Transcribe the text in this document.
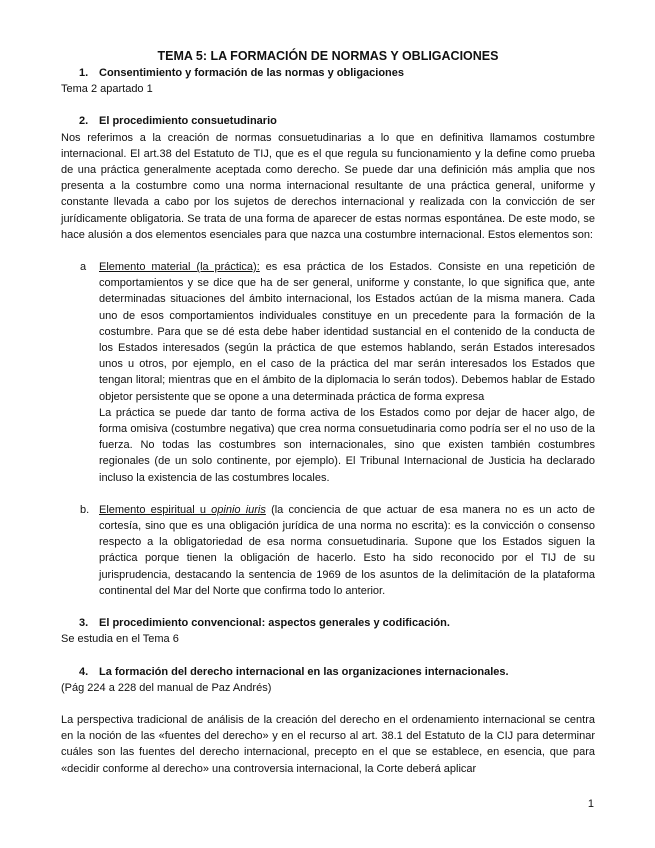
TEMA 5: LA FORMACIÓN DE NORMAS Y OBLIGACIONES
1. Consentimiento y formación de las normas y obligaciones

Tema 2 apartado 1

2. El procedimiento consuetudinario

Nos referimos a la creación de normas consuetudinarias a lo que en definitiva llamamos costumbre internacional. El art.38 del Estatuto de TIJ, que es el que regula su funcionamiento y la define como prueba de una práctica generalmente aceptada como derecho. Se puede dar una definición más amplia que nos presenta a la costumbre como una norma internacional resultante de una práctica general, uniforme y constante llevada a cabo por los sujetos de derechos internacional y realizada con la convicción de ser jurídicamente obligatoria. Se trata de una forma de aparecer de estas normas espontánea. De este modo, se hace alusión a dos elementos esenciales para que nazca una costumbre internacional. Estos elementos son:

a Elemento material (la práctica): es esa práctica de los Estados. Consiste en una repetición de comportamientos y se dice que ha de ser general, uniforme y constante, lo que significa que, ante determinadas situaciones del ámbito internacional, los Estados actúan de la misma manera. Cada uno de esos comportamientos individuales constituye en un precedente para la formación de la costumbre. Para que se dé esta debe haber identidad sustancial en el contenido de la conducta de los Estados interesados (según la práctica de que estemos hablando, serán Estados interesados unos u otros, por ejemplo, en el caso de la práctica del mar serán interesados los Estados que tengan litoral; mientras que en el ámbito de la diplomacia lo serán todos). Debemos hablar de Estado objetor persistente que se opone a una determinada práctica de forma expresa
La práctica se puede dar tanto de forma activa de los Estados como por dejar de hacer algo, de forma omisiva (costumbre negativa) que crea norma consuetudinaria como podría ser el no uso de la fuerza. No todas las costumbres son internacionales, sino que existen también costumbres regionales (de un solo continente, por ejemplo). El Tribunal Internacional de Justicia ha declarado incluso la existencia de las costumbres locales.
b. Elemento espiritual u opinio iuris (la conciencia de que actuar de esa manera no es un acto de cortesía, sino que es una obligación jurídica de una norma no escrita): es la convicción o consenso respecto a la obligatoriedad de esa norma consuetudinaria. Supone que los Estados siguen la práctica porque tienen la obligación de hacerlo. Esto ha sido reconocido por el TIJ de su jurisprudencia, destacando la sentencia de 1969 de los asuntos de la delimitación de la plataforma continental del Mar del Norte que confirma todo lo anterior.
3. El procedimiento convencional: aspectos generales y codificación.

Se estudia en el Tema 6

4. La formación del derecho internacional en las organizaciones internacionales.

(Pág 224 a 228 del manual de Paz Andrés)

La perspectiva tradicional de análisis de la creación del derecho en el ordenamiento internacional se centra en la noción de las «fuentes del derecho» y en el recurso al art. 38.1 del Estatuto de la CIJ para determinar cuáles son las fuentes del derecho internacional, precepto en el que se establece, en esencia, que para «decidir conforme al derecho» una controversia internacional, la Corte deberá aplicar

1
